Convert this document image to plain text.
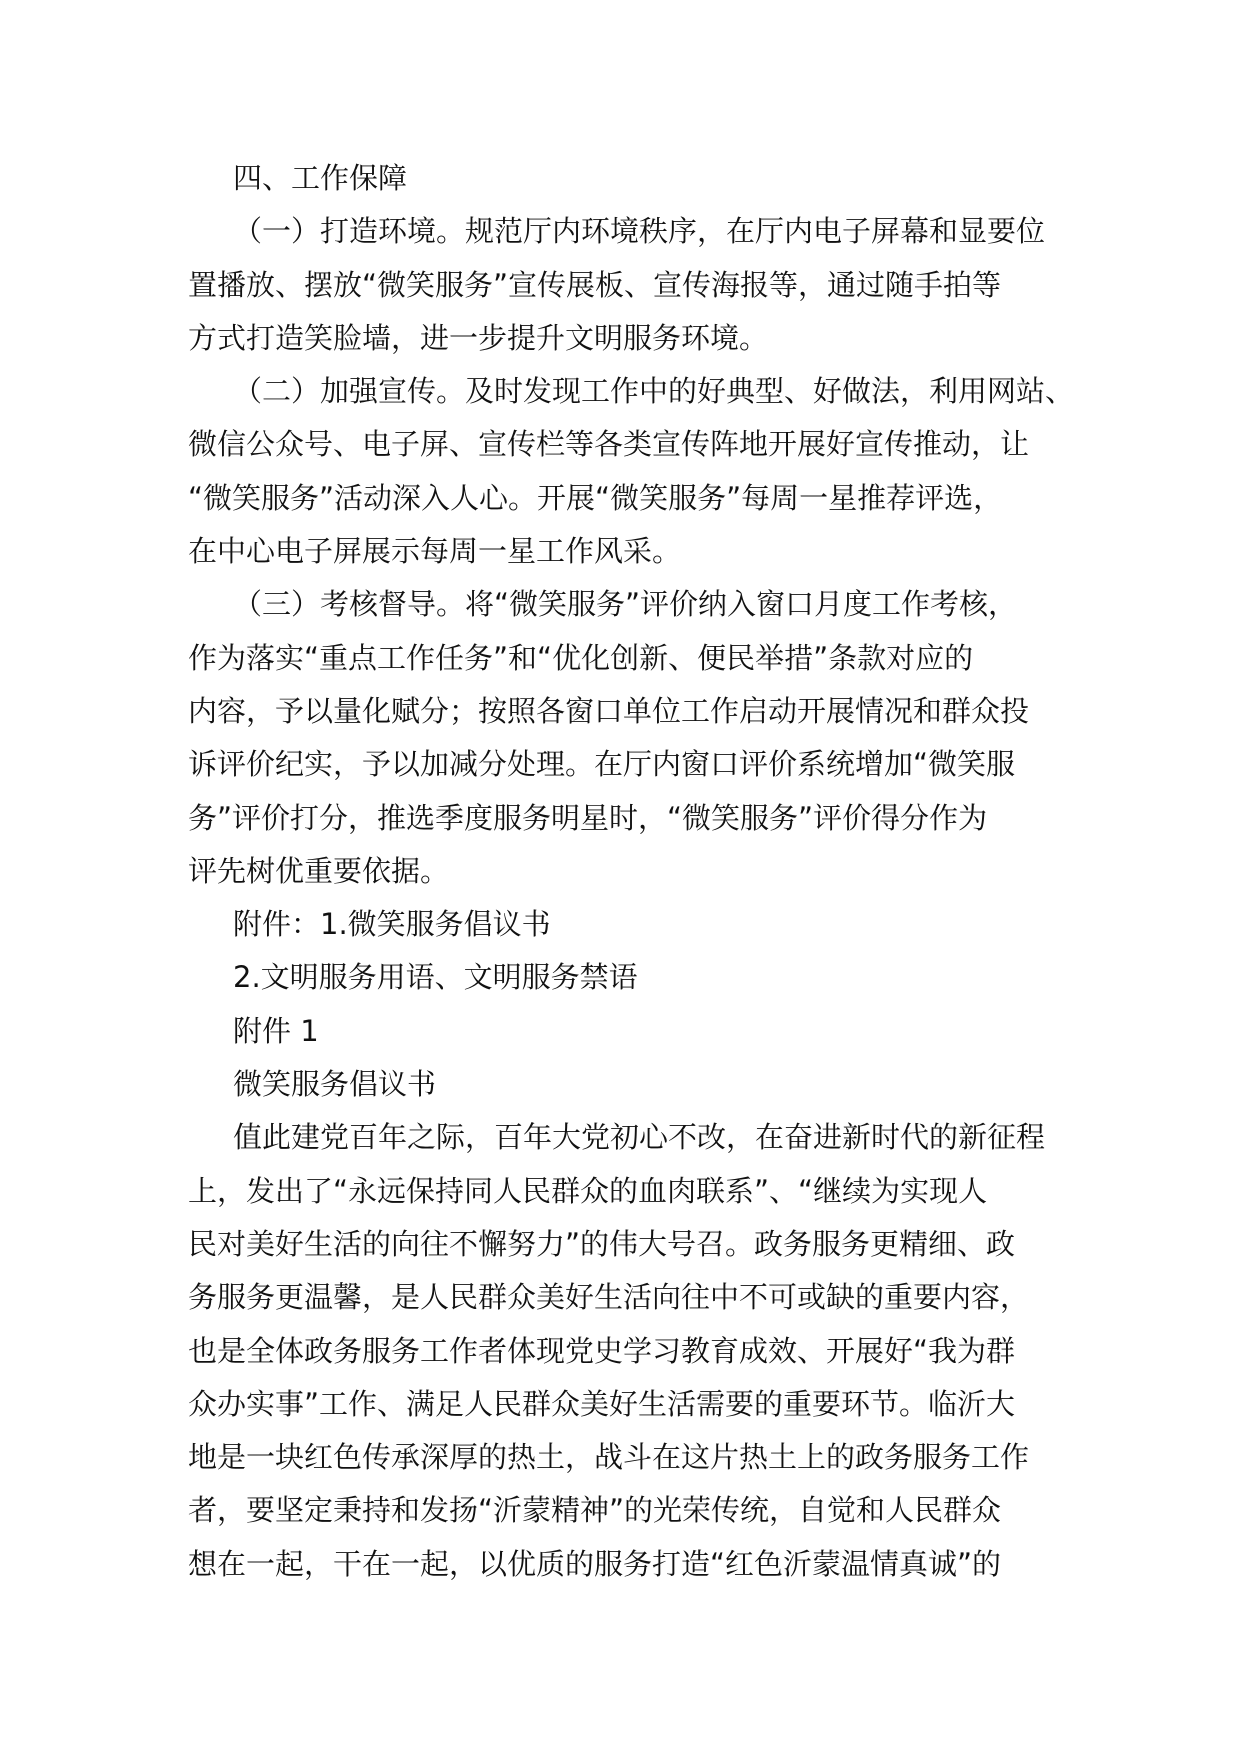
四、工作保障

（一）打造环境。规范厅内环境秩序，在厅内电子屏幕和显要位

置播放、摆放“微笑服务”宣传展板、宣传海报等，通过随手拍等

方式打造笑脸墙，进一步提升文明服务环境。

（二）加强宣传。及时发现工作中的好典型、好做法，利用网站、

微信公众号、电子屏、宣传栏等各类宣传阵地开展好宣传推动，让

“微笑服务”活动深入人心。开展“微笑服务”每周一星推荐评选，

在中心电子屏展示每周一星工作风采。

（三）考核督导。将“微笑服务”评价纳入窗口月度工作考核，

作为落实“重点工作任务”和“优化创新、便民举措”条款对应的

内容，予以量化赋分；按照各窗口单位工作启动开展情况和群众投

诉评价纪实，予以加减分处理。在厅内窗口评价系统增加“微笑服

务”评价打分，推选季度服务明星时，“微笑服务”评价得分作为

评先树优重要依据。

附件：1.微笑服务倡议书

2.文明服务用语、文明服务禁语

附件 1

微笑服务倡议书

值此建党百年之际，百年大党初心不改，在奋进新时代的新征程

上，发出了“永远保持同人民群众的血肉联系”、“继续为实现人

民对美好生活的向往不懈努力”的伟大号召。政务服务更精细、政

务服务更温馨，是人民群众美好生活向往中不可或缺的重要内容，

也是全体政务服务工作者体现党史学习教育成效、开展好“我为群

众办实事”工作、满足人民群众美好生活需要的重要环节。临沂大

地是一块红色传承深厚的热土，战斗在这片热土上的政务服务工作

者，要坚定秉持和发扬“沂蒙精神”的光荣传统，自觉和人民群众

想在一起，干在一起，以优质的服务打造“红色沂蒙温情真诚”的
